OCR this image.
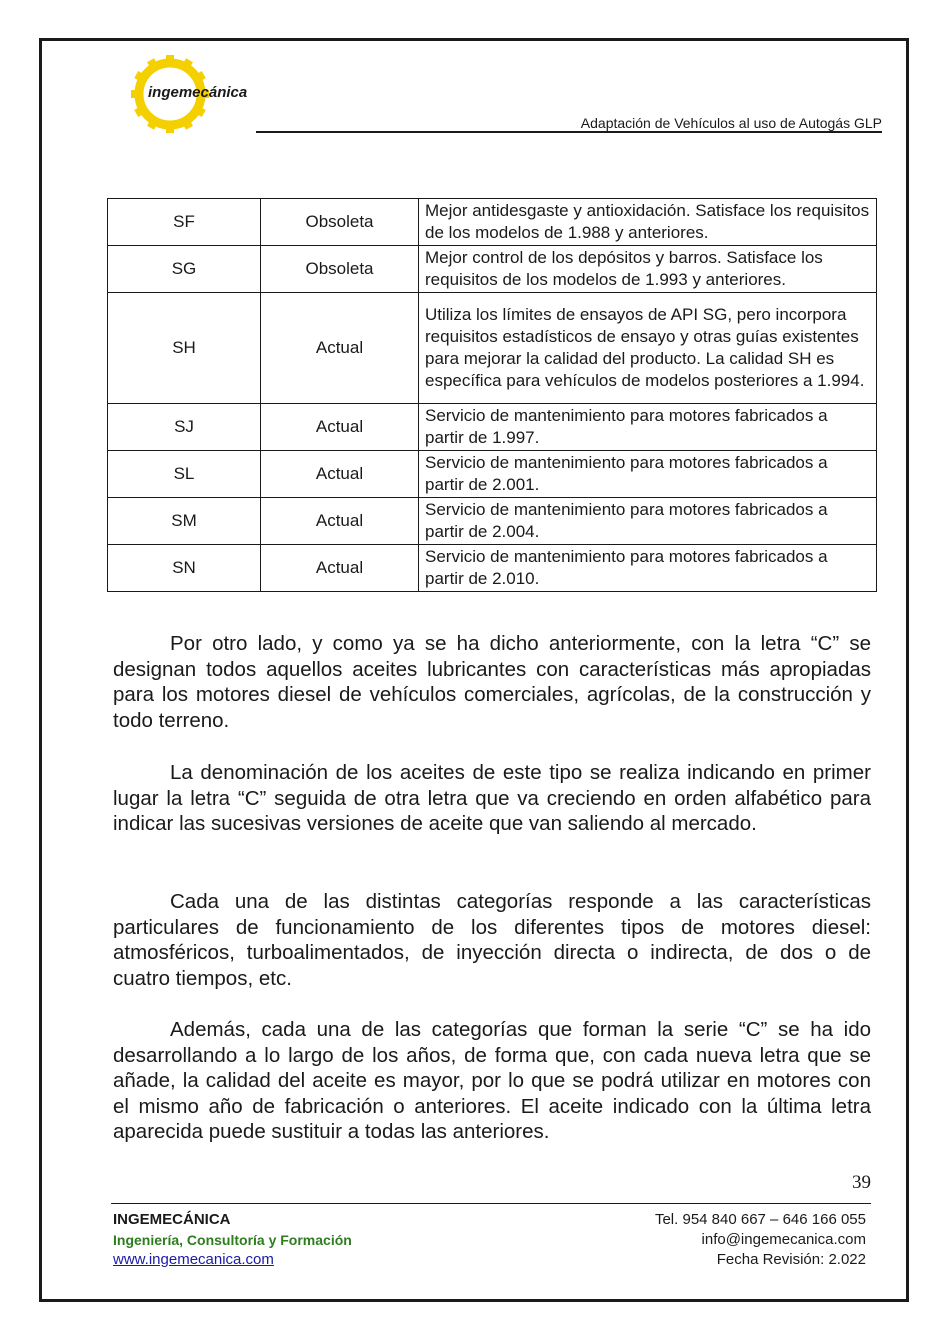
ingemecánica
Adaptación de Vehículos al uso de Autogás GLP
SF	Obsoleta	Mejor antidesgaste y antioxidación. Satisface los requisitos de los modelos de 1.988 y anteriores.
SG	Obsoleta	Mejor control de los depósitos y barros. Satisface los requisitos de los modelos de 1.993 y anteriores.
SH	Actual	Utiliza los límites de ensayos de API SG, pero incorpora requisitos estadísticos de ensayo y otras guías existentes para mejorar la calidad del producto. La calidad SH es específica para vehículos de modelos posteriores a 1.994.
SJ	Actual	Servicio de mantenimiento para motores fabricados a partir de 1.997.
SL	Actual	Servicio de mantenimiento para motores fabricados a partir de 2.001.
SM	Actual	Servicio de mantenimiento para motores fabricados a partir de 2.004.
SN	Actual	Servicio de mantenimiento para motores fabricados a partir de 2.010.

Por otro lado, y como ya se ha dicho anteriormente, con la letra “C” se designan todos aquellos aceites lubricantes con características más apropiadas para los motores diesel de vehículos comerciales, agrícolas, de la construcción y todo terreno.

La denominación de los aceites de este tipo se realiza indicando en primer lugar la letra “C” seguida de otra letra que va creciendo en orden alfabético para indicar las sucesivas versiones de aceite que van saliendo al mercado.

Cada una de las distintas categorías responde a las características particulares de funcionamiento de los diferentes tipos de motores diesel: atmosféricos, turboalimentados, de inyección directa o indirecta, de dos o de cuatro tiempos, etc.

Además, cada una de las categorías que forman la serie “C” se ha ido desarrollando a lo largo de los años, de forma que, con cada nueva letra que se añade, la calidad del aceite es mayor, por lo que se podrá utilizar en motores con el mismo año de fabricación o anteriores. El aceite indicado con la última letra aparecida puede sustituir a todas las anteriores.

39
INGEMECÁNICA
Ingeniería, Consultoría y Formación
www.ingemecanica.com
Tel. 954 840 667 – 646 166 055
info@ingemecanica.com
Fecha Revisión: 2.022
